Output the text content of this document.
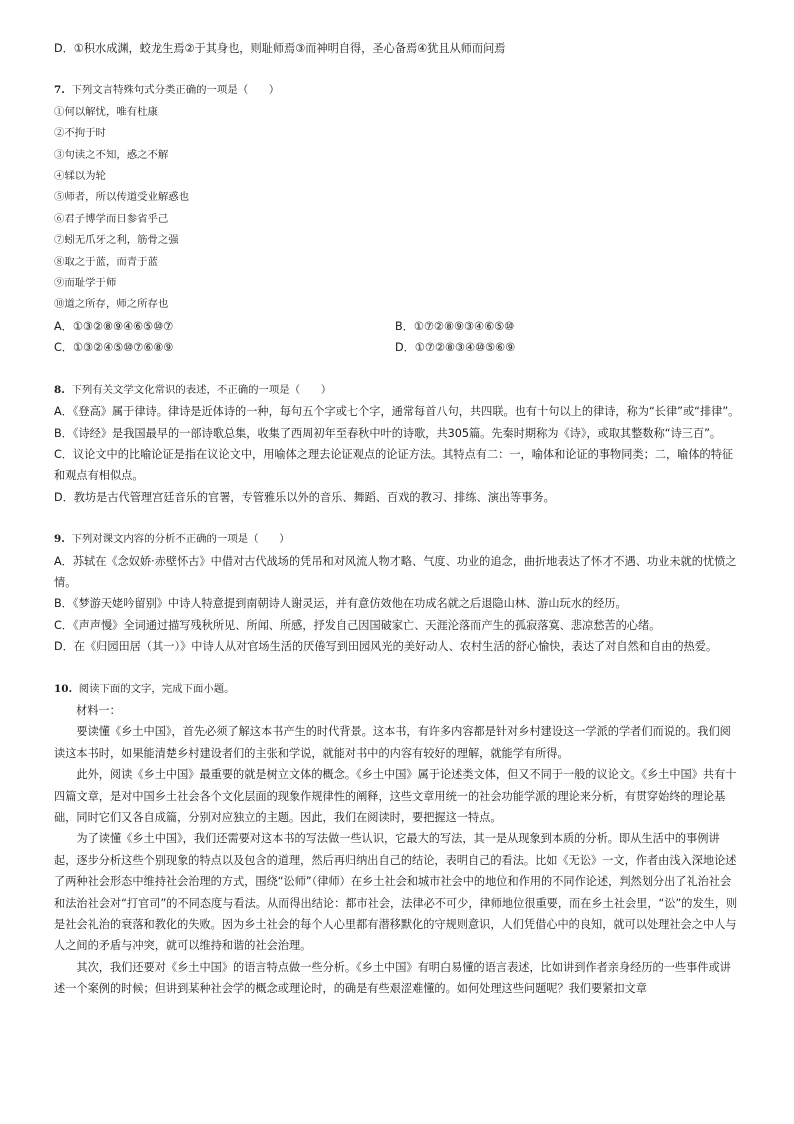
D．①积水成渊，蛟龙生焉②于其身也，则耻师焉③而神明自得，圣心备焉④犹且从师而问焉
7. 下列文言特殊句式分类正确的一项是（　　）
①何以解忧，唯有杜康
②不拘于时
③句读之不知，惑之不解
④𫐓以为轮
⑤师者，所以传道受业解惑也
⑥君子博学而日参省乎己
⑦蚓无爪牙之利，筋骨之强
⑧取之于蓝，而青于蓝
⑨而耻学于师
⑩道之所存，师之所存也
A．①③②⑧⑨④⑥⑤⑩⑦	B．①⑦②⑧⑨③④⑥⑤⑩
C．①③②④⑤⑩⑦⑥⑧⑨	D．①⑦②⑧③④⑩⑤⑥⑨
8. 下列有关文学文化常识的表述，不正确的一项是（　　）
A．《登高》属于律诗。律诗是近体诗的一种，每句五个字或七个字，通常每首八句，共四联。也有十句以上的律诗，称为“长律”或“排律”。
B．《诗经》是我国最早的一部诗歌总集，收集了西周初年至春秋中叶的诗歌，共305篇。先秦时期称为《诗》，或取其整数称“诗三百”。
C．议论文中的比喻论证是指在议论文中，用喻体之理去论证观点的论证方法。其特点有二：一，喻体和论证的事物同类；二，喻体的特征和观点有相似点。
D．教坊是古代管理宫廷音乐的官署，专管雅乐以外的音乐、舞蹈、百戏的教习、排练、演出等事务。
9. 下列对课文内容的分析不正确的一项是（　　）
A．苏轼在《念奴娇·赤壁怀古》中借对古代战场的凭吊和对风流人物才略、气度、功业的追念，曲折地表达了怀才不遇、功业未就的忧愤之情。
B．《梦游天姥吟留别》中诗人特意提到南朝诗人谢灵运，并有意仿效他在功成名就之后退隐山林、游山玩水的经历。
C．《声声慢》全词通过描写残秋所见、所闻、所感，抒发自己因国破家亡、天涯沦落而产生的孤寂落寞、悲凉愁苦的心绪。
D．在《归园田居（其一）》中诗人从对官场生活的厌倦写到田园风光的美好动人、农村生活的舒心愉快，表达了对自然和自由的热爱。
10. 阅读下面的文字，完成下面小题。
材料一：
要读懂《乡土中国》，首先必须了解这本书产生的时代背景。这本书，有许多内容都是针对乡村建设这一学派的学者们而说的。我们阅读这本书时，如果能清楚乡村建设者们的主张和学说，就能对书中的内容有较好的理解，就能学有所得。
此外，阅读《乡土中国》最重要的就是树立文体的概念。《乡土中国》属于论述类文体，但又不同于一般的议论文。《乡土中国》共有十四篇文章，是对中国乡土社会各个文化层面的现象作规律性的阐释，这些文章用统一的社会功能学派的理论来分析，有贯穿始终的理论基础，同时它们又各自成篇，分别对应独立的主题。因此，我们在阅读时，要把握这一特点。
为了读懂《乡土中国》，我们还需要对这本书的写法做一些认识，它最大的写法，其一是从现象到本质的分析。即从生活中的事例讲起，逐步分析这些个别现象的特点以及包含的道理，然后再归纳出自己的结论，表明自己的看法。比如《无讼》一文，作者由浅入深地论述了两种社会形态中维持社会治理的方式，围绕“讼师”（律师）在乡土社会和城市社会中的地位和作用的不同作论述，判然划分出了礼治社会和法治社会对“打官司”的不同态度与看法。从而得出结论：都市社会，法律必不可少，律师地位很重要，而在乡土社会里，“讼”的发生，则是社会礼治的衰落和教化的失败。因为乡土社会的每个人心里都有潜移默化的守规则意识，人们凭借心中的良知，就可以处理社会之中人与人之间的矛盾与冲突，就可以维持和谐的社会治理。
其次，我们还要对《乡土中国》的语言特点做一些分析。《乡土中国》有明白易懂的语言表述，比如讲到作者亲身经历的一些事件或讲述一个案例的时候；但讲到某种社会学的概念或理论时，的确是有些艰涩难懂的。如何处理这些问题呢？我们要紧扣文章
